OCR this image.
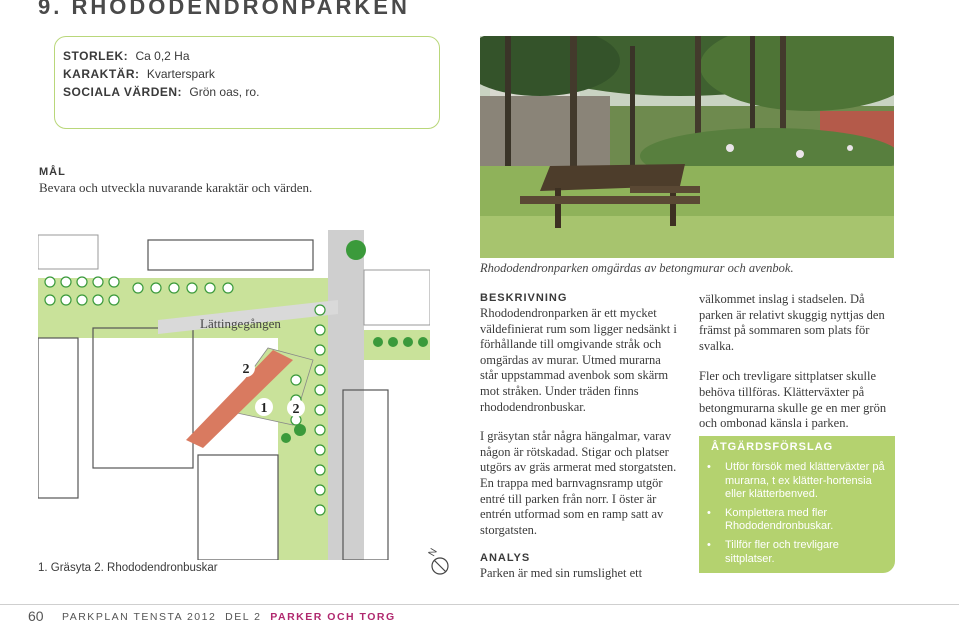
9. RHODODENDRONPARKEN
STORLEK: Ca 0,2 Ha
KARAKTÄR: Kvarterspark
SOCIALA VÄRDEN: Grön oas, ro.
MÅL
Bevara och utveckla nuvarande karaktär och värden.
Rhododendronparken omgärdas av betongmurar och avenbok.
Lättingegången
2
1 2
1. Gräsyta 2. Rhododendronbuskar
N
BESKRIVNING

Rhododendronparken är ett mycket väldefinierat rum som ligger nedsänkt i förhållande till omgivande stråk och omgärdas av murar. Utmed murarna står uppstammad avenbok som skärm mot stråken. Under träden finns rhododendronbuskar.

I gräsytan står några hängalmar, varav någon är rötskadad. Stigar och platser utgörs av gräs armerat med storgatsten. En trappa med barnvagnsramp utgör entré till parken från norr. I öster är entrén utformad som en ramp satt av storgatsten.

ANALYS

Parken är med sin rumslighet ett

välkommet inslag i stadselen. Då parken är relativt skuggig nyttjas den främst på sommaren som plats för svalka.

Fler och trevligare sittplatser skulle behöva tillföras. Klätterväxter på betongmurarna skulle ge en mer grön och ombonad känsla i parken.

ÅTGÄRDSFÖRSLAG
• Utför försök med klätterväxter på murarna, t ex klätter-hortensia eller klätterbenved.
• Komplettera med fler Rhododendronbuskar.
• Tillför fler och trevligare sittplatser.
60 PARKPLAN TENSTA 2012 DEL 2 PARKER OCH TORG
